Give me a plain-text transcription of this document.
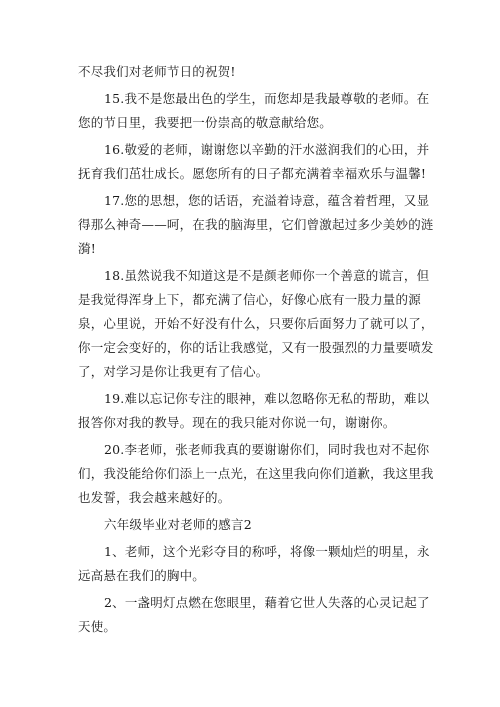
不尽我们对老师节日的祝贺!

15.我不是您最出色的学生，而您却是我最尊敬的老师。在您的节日里，我要把一份崇高的敬意献给您。

16.敬爱的老师，谢谢您以辛勤的汗水滋润我们的心田，并抚育我们茁壮成长。愿您所有的日子都充满着幸福欢乐与温馨!

17.您的思想，您的话语，充溢着诗意，蕴含着哲理，又显得那么神奇——呵，在我的脑海里，它们曾激起过多少美妙的涟漪!

18.虽然说我不知道这是不是颜老师你一个善意的谎言，但是我觉得浑身上下，都充满了信心，好像心底有一股力量的源泉，心里说，开始不好没有什么，只要你后面努力了就可以了，你一定会变好的，你的话让我感觉，又有一股强烈的力量要喷发了，对学习是你让我更有了信心。

19.难以忘记你专注的眼神，难以忽略你无私的帮助，难以报答你对我的教导。现在的我只能对你说一句，谢谢你。

20.李老师，张老师我真的要谢谢你们，同时我也对不起你们，我没能给你们添上一点光，在这里我向你们道歉，我这里我也发誓，我会越来越好的。

六年级毕业对老师的感言2

1、老师，这个光彩夺目的称呼，将像一颗灿烂的明星，永远高悬在我们的胸中。

2、一盏明灯点燃在您眼里，藉着它世人失落的心灵记起了天使。
